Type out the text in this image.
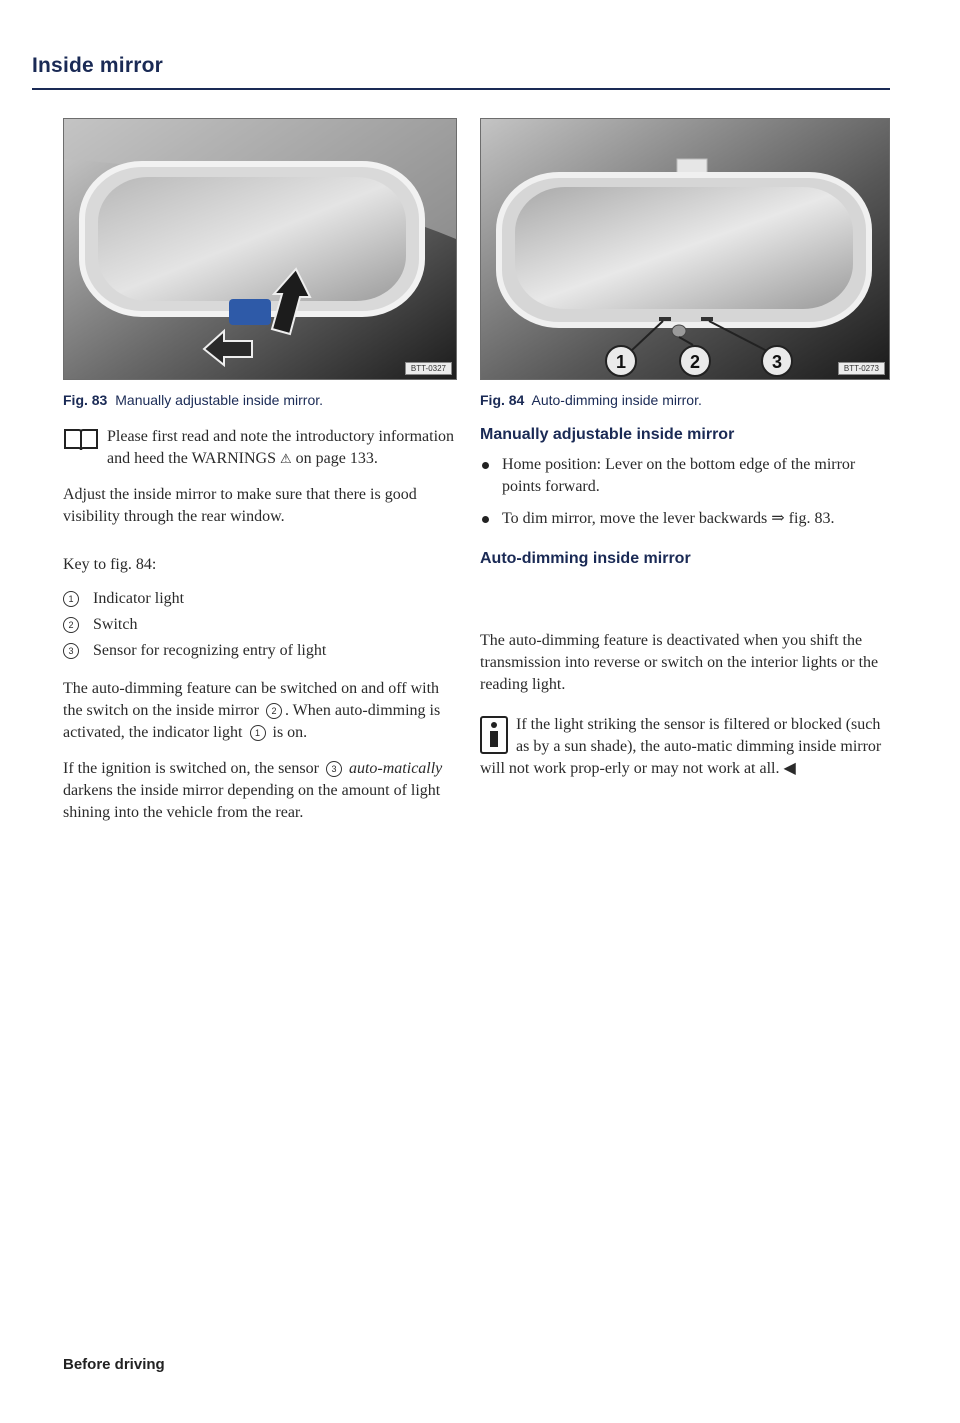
Inside mirror
BTT-0327
Fig. 83 Manually adjustable inside mirror.
Please first read and note the introductory information and heed the WARNINGS ⚠ on page 133.

Adjust the inside mirror to make sure that there is good visibility through the rear window.

Key to fig. 84:

1	Indicator light
2	Switch
3	Sensor for recognizing entry of light

The auto-dimming feature can be switched on and off with the switch on the inside mirror 2 . When auto-dimming is activated, the indicator light 1 is on.

If the ignition is switched on, the sensor 3 auto-matically darkens the inside mirror depending on the amount of light shining into the vehicle from the rear.

1	2	3	BTT-0273
Fig. 84 Auto-dimming inside mirror.
Manually adjustable inside mirror
Home position: Lever on the bottom edge of the mirror points forward.
To dim mirror, move the lever backwards ⇒ fig. 83.
Auto-dimming inside mirror

The auto-dimming feature is deactivated when you shift the transmission into reverse or switch on the interior lights or the reading light.

If the light striking the sensor is filtered or blocked (such as by a sun shade), the auto-matic dimming inside mirror will not work prop-erly or may not work at all. ◀
Before driving
